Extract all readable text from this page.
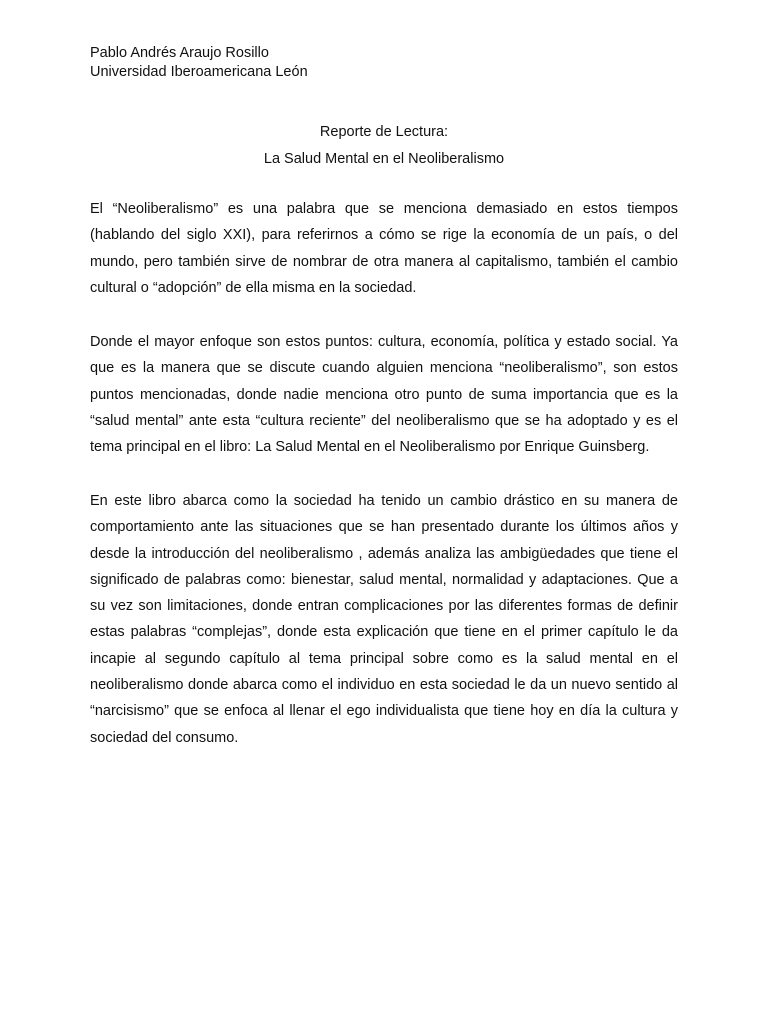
Pablo Andrés Araujo Rosillo
Universidad Iberoamericana León
Reporte de Lectura:
La Salud Mental en el Neoliberalismo

El “Neoliberalismo” es una palabra que se menciona demasiado en estos tiempos (hablando del siglo XXI), para referirnos a cómo se rige la economía de un país, o del mundo, pero también sirve de nombrar de otra manera al capitalismo, también el cambio cultural o “adopción” de ella misma en la sociedad.

Donde el mayor enfoque son estos puntos: cultura, economía, política y estado social. Ya que es la manera que se discute cuando alguien menciona “neoliberalismo”, son estos puntos mencionadas, donde nadie menciona otro punto de suma importancia que es la “salud mental” ante esta “cultura reciente” del neoliberalismo que se ha adoptado y es el tema principal en el libro: La Salud Mental en el Neoliberalismo por Enrique Guinsberg.

En este libro abarca como la sociedad ha tenido un cambio drástico en su manera de comportamiento ante las situaciones que se han presentado durante los últimos años y desde la introducción del neoliberalismo , además analiza las ambigüedades que tiene el significado de palabras como: bienestar, salud mental, normalidad y adaptaciones. Que a su vez son limitaciones, donde entran complicaciones por las diferentes formas de definir estas palabras “complejas”, donde esta explicación que tiene en el primer capítulo le da incapie al segundo capítulo al tema principal sobre como es la salud mental en el neoliberalismo donde abarca como el individuo en esta sociedad le da un nuevo sentido al “narcisismo” que se enfoca al llenar el ego individualista que tiene hoy en día la cultura y sociedad del consumo.
